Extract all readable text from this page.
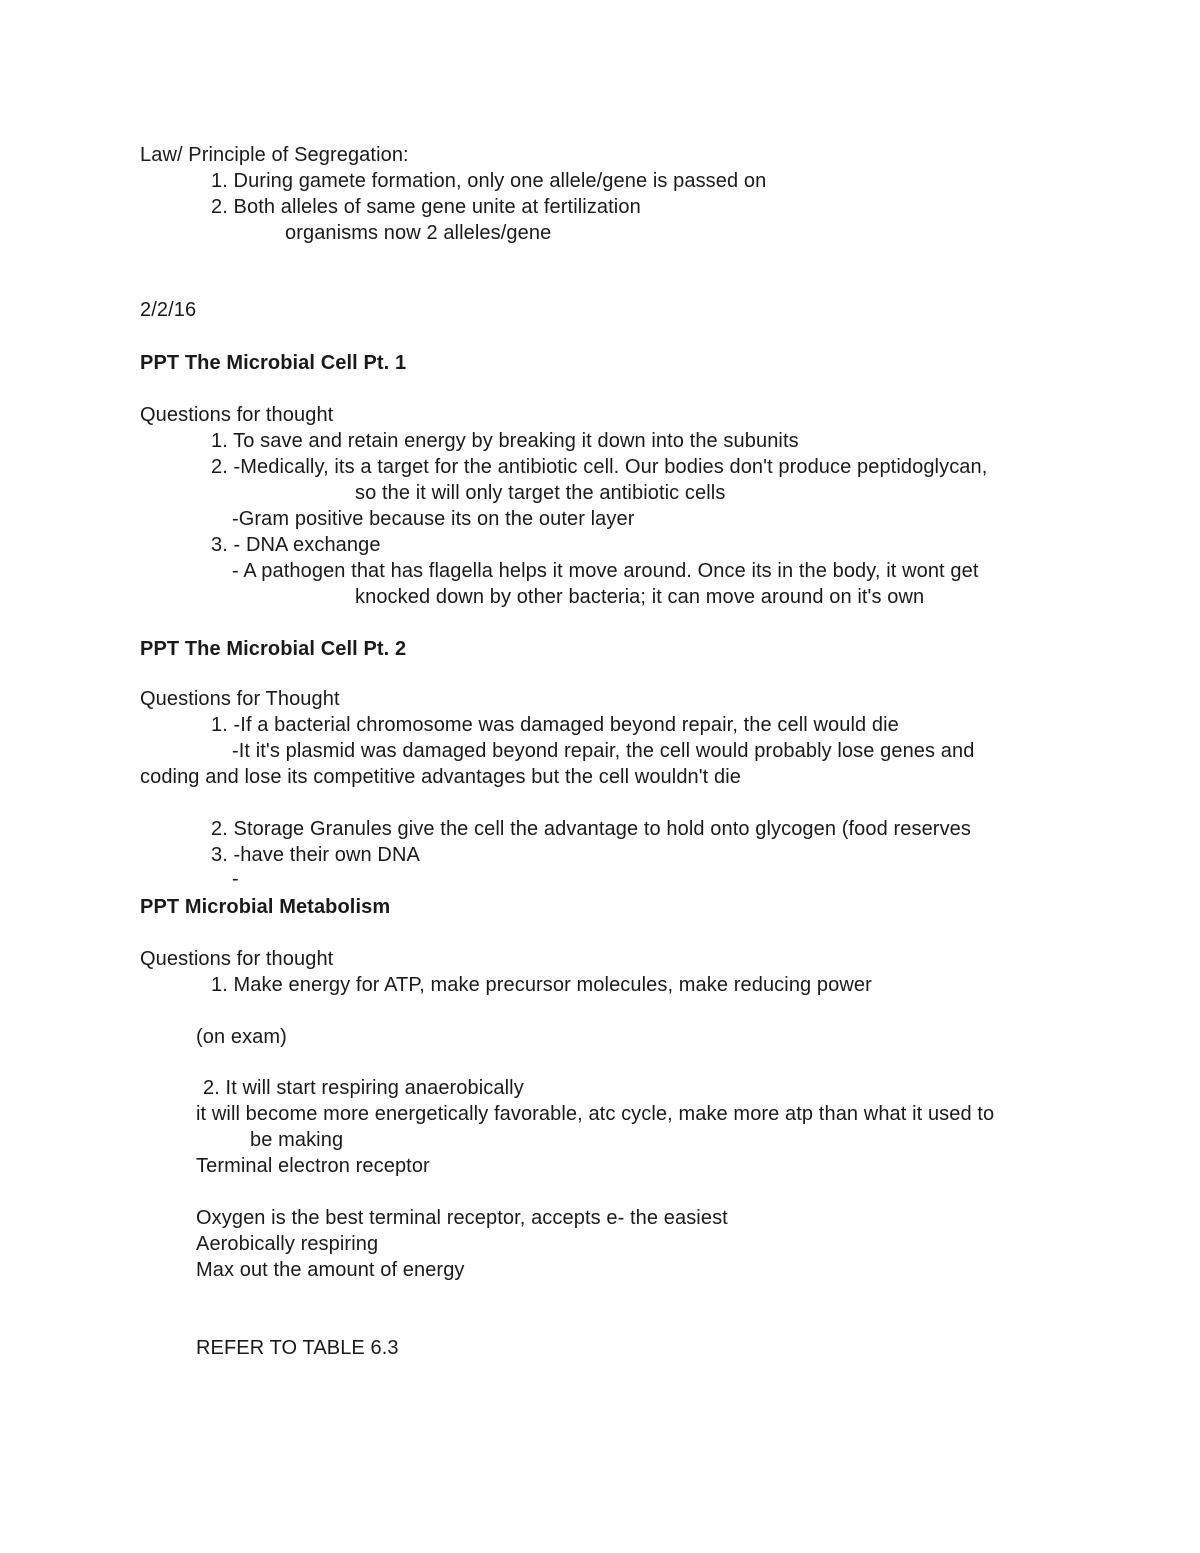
Law/ Principle of Segregation:
1. During gamete formation, only one allele/gene is passed on
2. Both alleles of same gene unite at fertilization
organisms now 2 alleles/gene
2/2/16
PPT The Microbial Cell Pt. 1
Questions for thought
1. To save and retain energy by breaking it down into the subunits
2. -Medically, its a target for the antibiotic cell. Our bodies don't produce peptidoglycan,
so the it will only target the antibiotic cells
-Gram positive because its on the outer layer
3. - DNA exchange
- A pathogen that has flagella helps it move around. Once its in the body, it wont get
knocked down by other bacteria; it can move around on it's own
PPT The Microbial Cell Pt. 2
Questions for Thought
1. -If a bacterial chromosome was damaged beyond repair, the cell would die
-It it's plasmid was damaged beyond repair, the cell would probably lose genes and
coding and lose its competitive advantages but the cell wouldn't die
2. Storage Granules give the cell the advantage to hold onto glycogen (food reserves
3. -have their own DNA
-
PPT Microbial Metabolism
Questions for thought
1. Make energy for ATP, make precursor molecules, make reducing power
(on exam)
2. It will start respiring anaerobically
it will become more energetically favorable, atc cycle, make more atp than what it used to
be making
Terminal electron receptor
Oxygen is the best terminal receptor, accepts e- the easiest
Aerobically respiring
Max out the amount of energy
REFER TO TABLE 6.3
